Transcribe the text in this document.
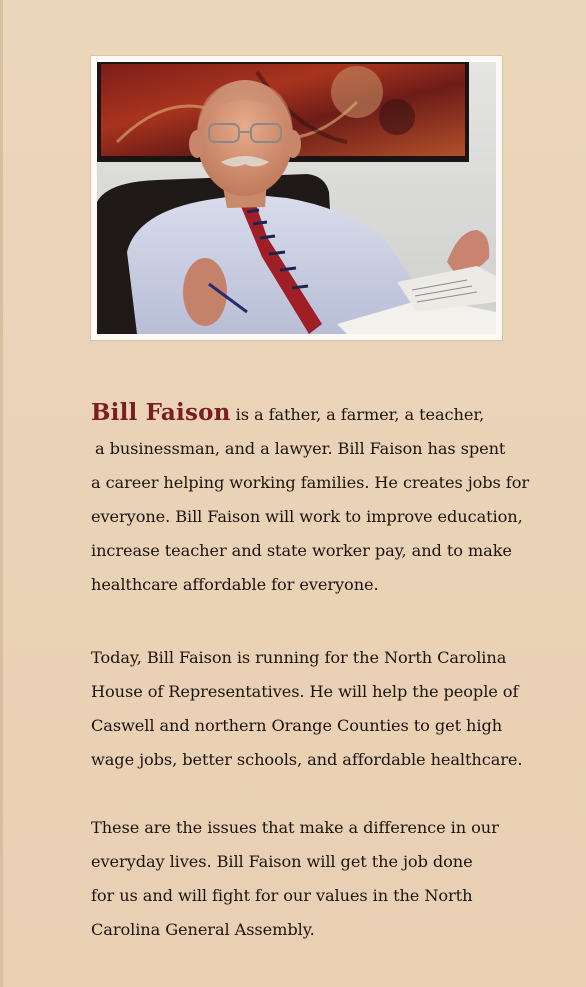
Bill Faison is a father, a farmer, a teacher,
a businessman, and a lawyer. Bill Faison has spent
a career helping working families. He creates jobs for
everyone. Bill Faison will work to improve education,
increase teacher and state worker pay, and to make
healthcare affordable for everyone.
Today, Bill Faison is running for the North Carolina
House of Representatives. He will help the people of
Caswell and northern Orange Counties to get high
wage jobs, better schools, and affordable healthcare.
These are the issues that make a difference in our
everyday lives. Bill Faison will get the job done
for us and will fight for our values in the North
Carolina General Assembly.
